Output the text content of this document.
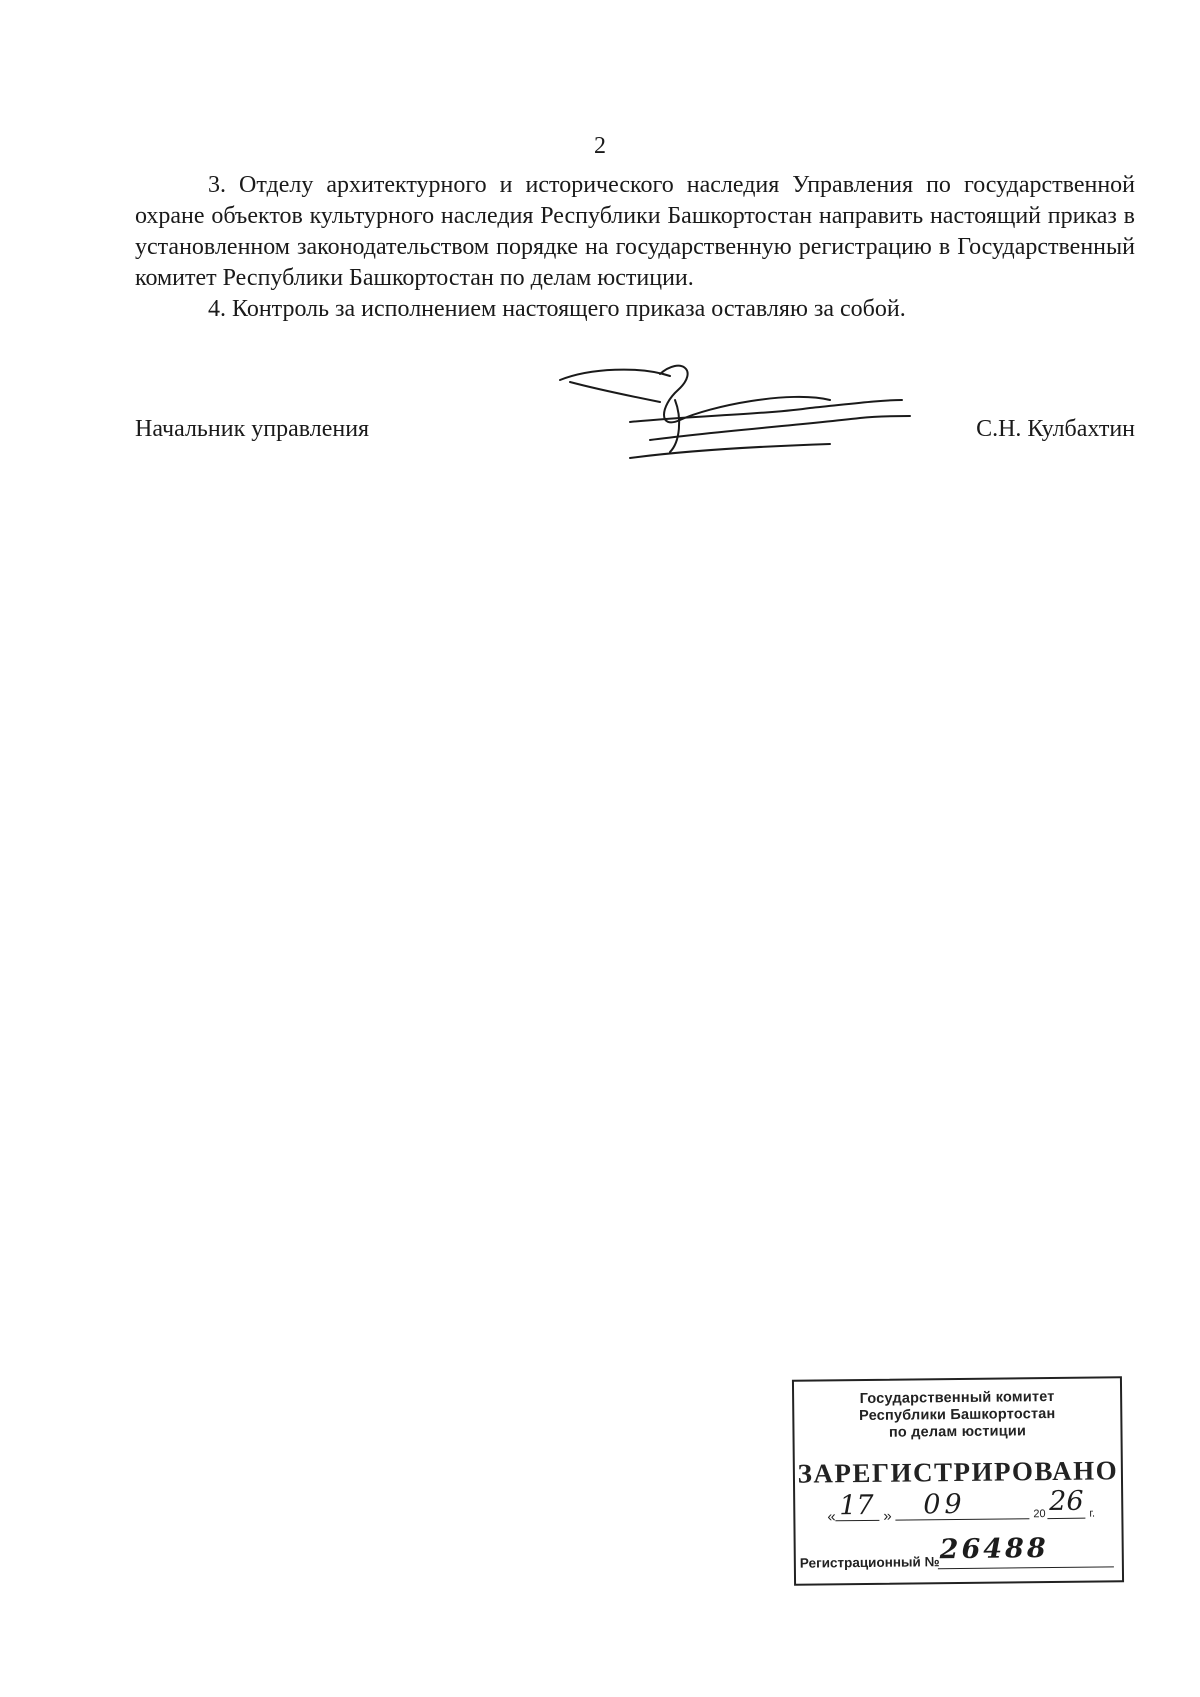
2

3. Отделу архитектурного и исторического наследия Управления по государственной охране объектов культурного наследия Республики Башкортостан направить настоящий приказ в установленном законодательством порядке на государственную регистрацию в Государственный комитет Республики Башкортостан по делам юстиции.

4. Контроль за исполнением настоящего приказа оставляю за собой.

Начальник управления	С.Н. Кулбахтин
Государственный комитет
Республики Башкортостан
по делам юстиции
ЗАРЕГИСТРИРОВАНО
« 17 » 09	20 26 г.
Регистрационный № 26488
